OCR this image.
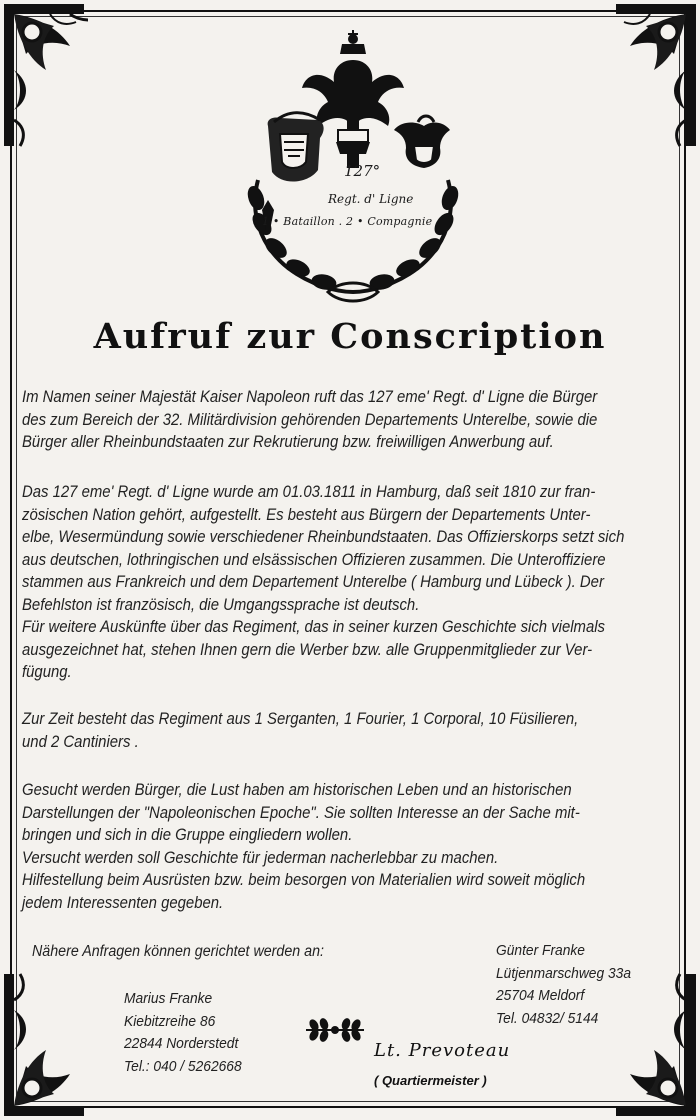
127°
Regt. d' Ligne
1 • Bataillon . 2 • Compagnie
Aufruf zur Conscription

Im Namen seiner Majestät Kaiser Napoleon ruft das 127 eme' Regt. d' Ligne die Bürger

des zum Bereich der 32. Militärdivision gehörenden Departements Unterelbe, sowie die

Bürger aller Rheinbundstaaten zur Rekrutierung bzw. freiwilligen Anwerbung auf.

Das 127 eme' Regt. d' Ligne wurde am 01.03.1811 in Hamburg, daß seit 1810 zur fran-

zösischen Nation gehört, aufgestellt. Es besteht aus Bürgern der Departements Unter-

elbe, Wesermündung sowie verschiedener Rheinbundstaaten. Das Offizierskorps setzt sich

aus deutschen, lothringischen und elsässischen Offizieren zusammen. Die Unteroffiziere

stammen aus Frankreich und dem Departement Unterelbe ( Hamburg und Lübeck ). Der

Befehlston ist französisch, die Umgangssprache ist deutsch.

Für weitere Auskünfte über das Regiment, das in seiner kurzen Geschichte sich vielmals

ausgezeichnet hat, stehen Ihnen gern die Werber bzw. alle Gruppenmitglieder zur Ver-

fügung.

Zur Zeit besteht das Regiment aus 1 Serganten, 1 Fourier, 1 Corporal, 10 Füsilieren,

und 2 Cantiniers .

Gesucht werden Bürger, die Lust haben am historischen Leben und an historischen

Darstellungen der "Napoleonischen Epoche". Sie sollten Interesse an der Sache mit-

bringen und sich in die Gruppe eingliedern wollen.

Versucht werden soll Geschichte für jederman nacherlebbar zu machen.

Hilfestellung beim Ausrüsten bzw. beim besorgen von Materialien wird soweit möglich

jedem Interessenten gegeben.

Nähere Anfragen können gerichtet werden an:
Marius Franke
Kiebitzreihe 86
22844 Norderstedt
Tel.: 040 / 5262668
Günter Franke
Lütjenmarschweg 33a
25704 Meldorf
Tel. 04832/ 5144
Lt. Prevoteau
( Quartiermeister )
